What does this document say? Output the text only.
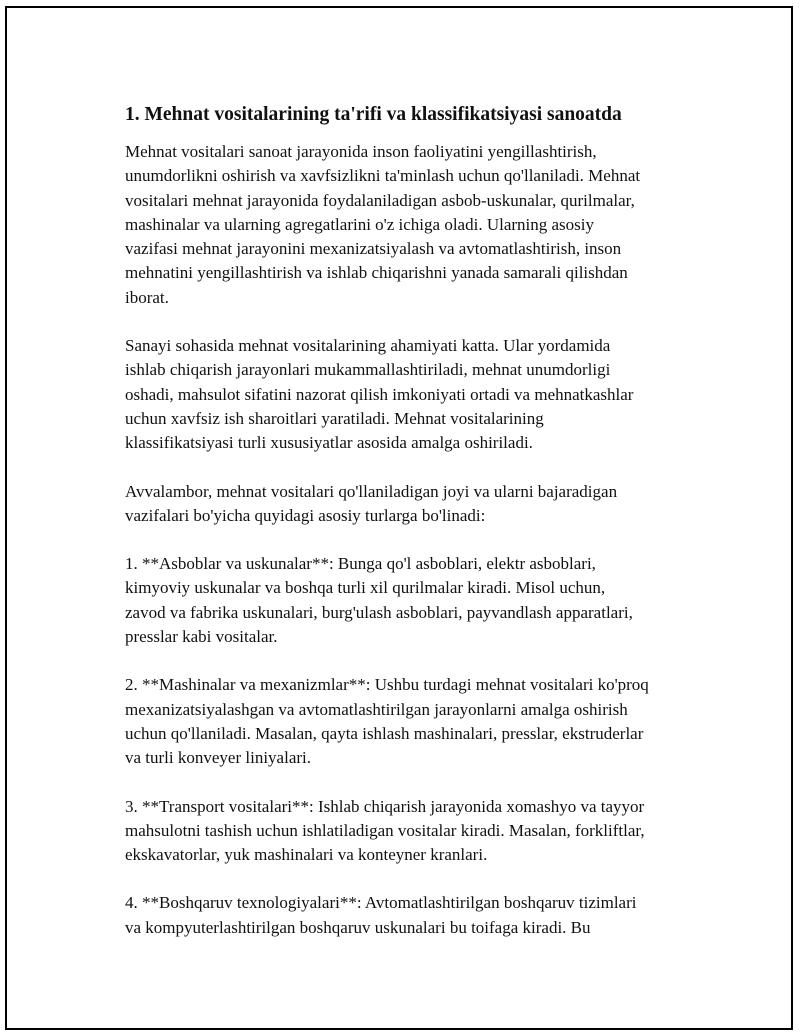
1. Mehnat vositalarining ta'rifi va klassifikatsiyasi sanoatda

Mehnat vositalari sanoat jarayonida inson faoliyatini yengillashtirish,
unumdorlikni oshirish va xavfsizlikni ta'minlash uchun qo'llaniladi. Mehnat
vositalari mehnat jarayonida foydalaniladigan asbob-uskunalar, qurilmalar,
mashinalar va ularning agregatlarini o'z ichiga oladi. Ularning asosiy
vazifasi mehnat jarayonini mexanizatsiyalash va avtomatlashtirish, inson
mehnatini yengillashtirish va ishlab chiqarishni yanada samarali qilishdan
iborat.

Sanayi sohasida mehnat vositalarining ahamiyati katta. Ular yordamida
ishlab chiqarish jarayonlari mukammallashtiriladi, mehnat unumdorligi
oshadi, mahsulot sifatini nazorat qilish imkoniyati ortadi va mehnatkashlar
uchun xavfsiz ish sharoitlari yaratiladi. Mehnat vositalarining
klassifikatsiyasi turli xususiyatlar asosida amalga oshiriladi.

Avvalambor, mehnat vositalari qo'llaniladigan joyi va ularni bajaradigan
vazifalari bo'yicha quyidagi asosiy turlarga bo'linadi:

1. **Asboblar va uskunalar**: Bunga qo'l asboblari, elektr asboblari,
kimyoviy uskunalar va boshqa turli xil qurilmalar kiradi. Misol uchun,
zavod va fabrika uskunalari, burg'ulash asboblari, payvandlash apparatlari,
presslar kabi vositalar.

2. **Mashinalar va mexanizmlar**: Ushbu turdagi mehnat vositalari ko'proq
mexanizatsiyalashgan va avtomatlashtirilgan jarayonlarni amalga oshirish
uchun qo'llaniladi. Masalan, qayta ishlash mashinalari, presslar, ekstruderlar
va turli konveyer liniyalari.

3. **Transport vositalari**: Ishlab chiqarish jarayonida xomashyo va tayyor
mahsulotni tashish uchun ishlatiladigan vositalar kiradi. Masalan, forkliftlar,
ekskavatorlar, yuk mashinalari va konteyner kranlari.

4. **Boshqaruv texnologiyalari**: Avtomatlashtirilgan boshqaruv tizimlari
va kompyuterlashtirilgan boshqaruv uskunalari bu toifaga kiradi. Bu
